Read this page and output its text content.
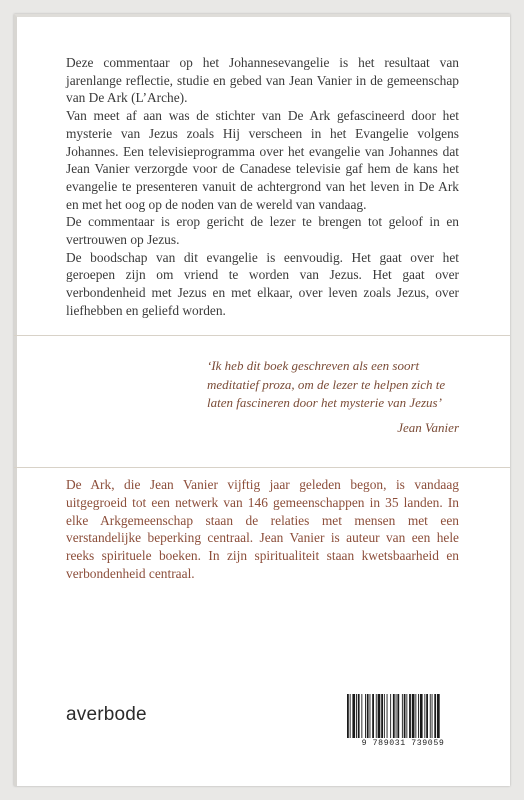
Deze commentaar op het Johannesevangelie is het resultaat van jarenlange reflectie, studie en gebed van Jean Vanier in de gemeenschap van De Ark (L’Arche).

Van meet af aan was de stichter van De Ark gefascineerd door het mysterie van Jezus zoals Hij verscheen in het Evangelie volgens Johannes. Een televisieprogramma over het evangelie van Johannes dat Jean Vanier verzorgde voor de Canadese televisie gaf hem de kans het evangelie te presenteren vanuit de achtergrond van het leven in De Ark en met het oog op de noden van de wereld van vandaag.

De commentaar is erop gericht de lezer te brengen tot geloof in en vertrouwen op Jezus.

De boodschap van dit evangelie is eenvoudig. Het gaat over het geroepen zijn om vriend te worden van Jezus. Het gaat over verbondenheid met Jezus en met elkaar, over leven zoals Jezus, over liefhebben en geliefd worden.

‘Ik heb dit boek geschreven als een soort meditatief proza, om de lezer te helpen zich te laten fascineren door het mysterie van Jezus’

Jean Vanier

De Ark, die Jean Vanier vijftig jaar geleden begon, is vandaag uitgegroeid tot een netwerk van 146 gemeenschappen in 35 landen. In elke Arkgemeenschap staan de relaties met mensen met een verstandelijke beperking centraal. Jean Vanier is auteur van een hele reeks spirituele boeken. In zijn spiritualiteit staan kwetsbaarheid en verbondenheid centraal.

averbode
9 789031 739059
